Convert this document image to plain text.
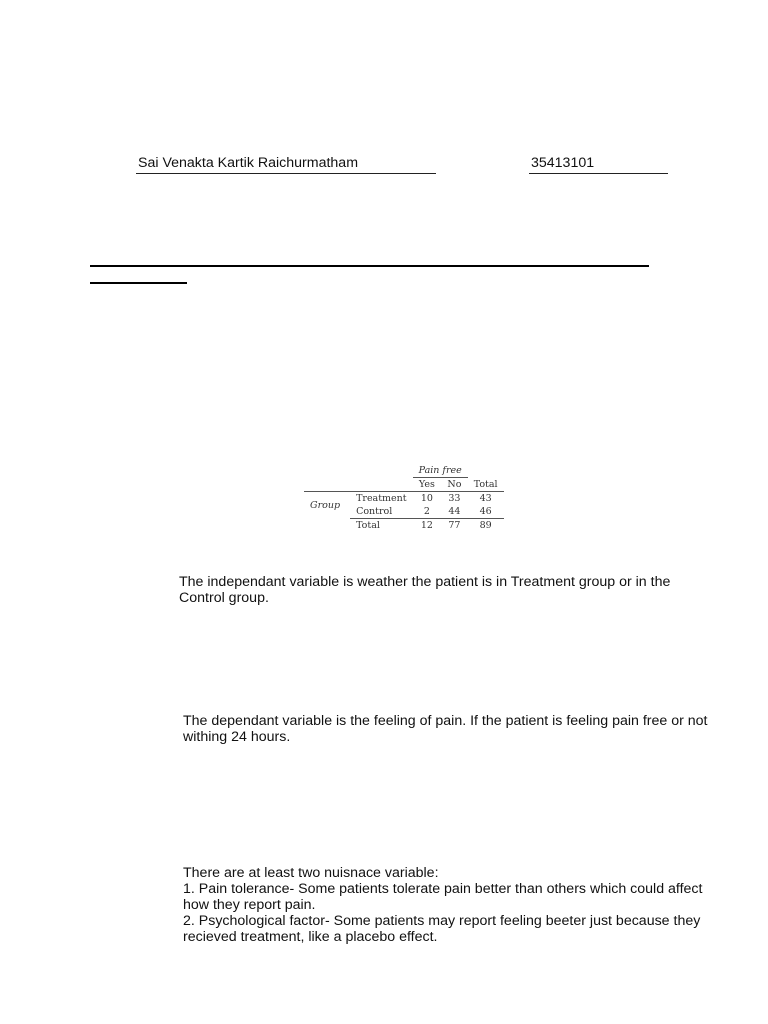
Sai Venakta Kartik Raichurmatham	35413101
		Pain free		
		Yes	No	Total
Group	Treatment	10	33	43
	Control	2	44	46
	Total	12	77	89
The independant variable is weather the patient is in Treatment group or in the Control group.
The dependant variable is the feeling of pain. If the patient is feeling pain free or not withing 24 hours.
There are at least two nuisnace variable:
1. Pain tolerance- Some patients tolerate pain better than others which could affect how they report pain.
2. Psychological factor- Some patients may report feeling beeter just because they recieved treatment, like a placebo effect.
